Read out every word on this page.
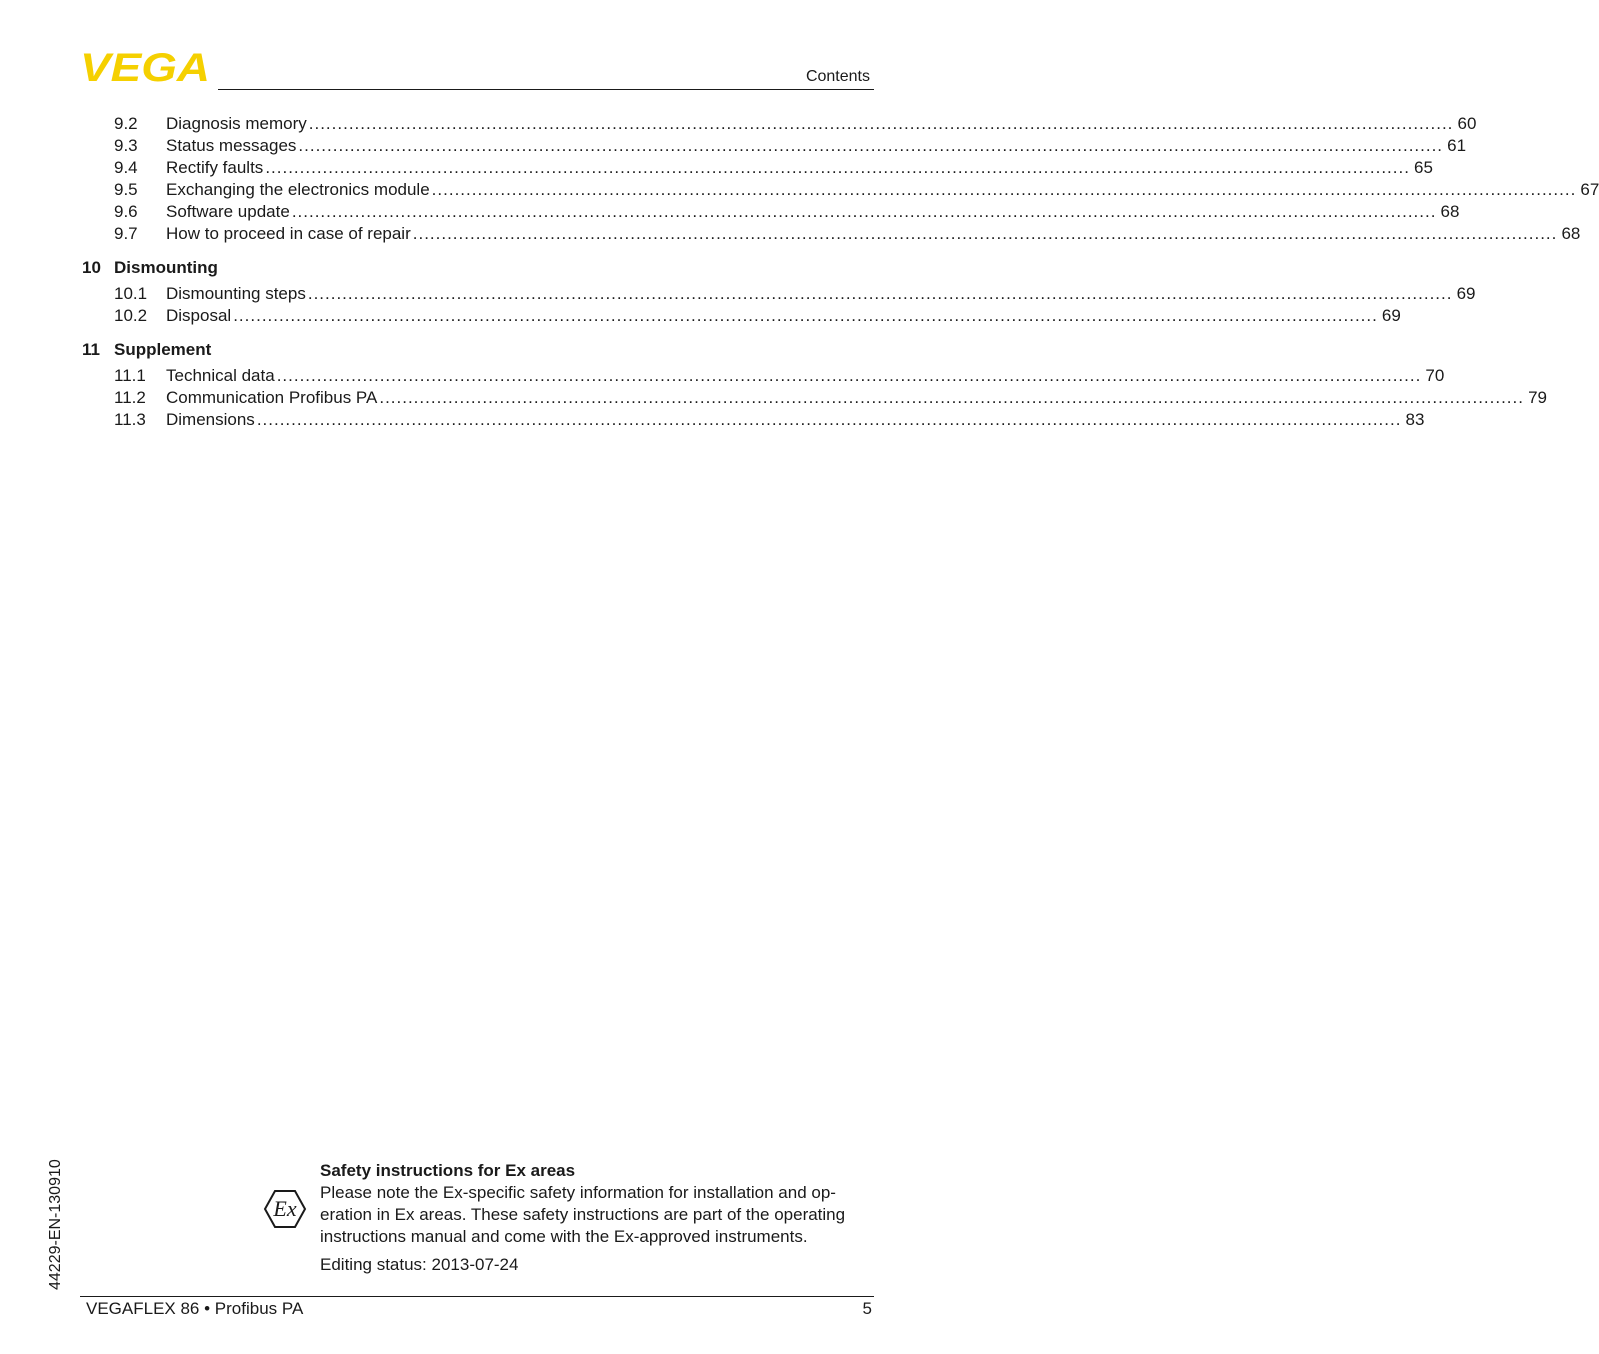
VEGA	Contents
9.2	Diagnosis memory ........................................................................................................................................................................................................ 60
9.3	Status messages ........................................................................................................................................................................................................ 61
9.4	Rectify faults ........................................................................................................................................................................................................ 65
9.5	Exchanging the electronics module ........................................................................................................................................................................................................ 67
9.6	Software update ........................................................................................................................................................................................................ 68
9.7	How to proceed in case of repair ........................................................................................................................................................................................................ 68
10 Dismounting
10.1	Dismounting steps ........................................................................................................................................................................................................ 69
10.2	Disposal ........................................................................................................................................................................................................ 69
11 Supplement
11.1	Technical data ........................................................................................................................................................................................................ 70
11.2	Communication Profibus PA ........................................................................................................................................................................................................ 79
11.3	Dimensions ........................................................................................................................................................................................................ 83
44229-EN-130910	Ex
Safety instructions for Ex areas
Please note the Ex-specific safety information for installation and op-
eration in Ex areas. These safety instructions are part of the operating
instructions manual and come with the Ex-approved instruments.
Editing status: 2013-07-24
VEGAFLEX 86 • Profibus PA	5
